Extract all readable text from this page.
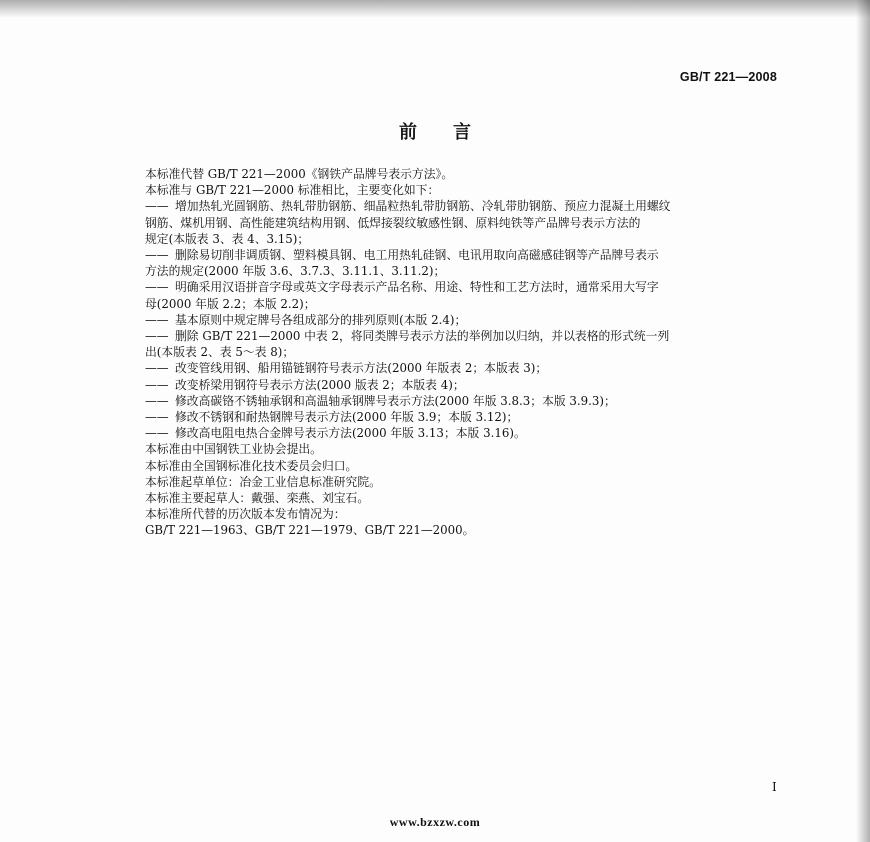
GB/T 221—2008
前言

本标准代替 GB/T 221—2000《钢铁产品牌号表示方法》。

本标准与 GB/T 221—2000 标准相比，主要变化如下：

—— 增加热轧光圆钢筋、热轧带肋钢筋、细晶粒热轧带肋钢筋、冷轧带肋钢筋、预应力混凝土用螺纹
钢筋、煤机用钢、高性能建筑结构用钢、低焊接裂纹敏感性钢、原料纯铁等产品牌号表示方法的
规定(本版表 3、表 4、3.15)；

—— 删除易切削非调质钢、塑料模具钢、电工用热轧硅钢、电讯用取向高磁感硅钢等产品牌号表示
方法的规定(2000 年版 3.6、3.7.3、3.11.1、3.11.2)；

—— 明确采用汉语拼音字母或英文字母表示产品名称、用途、特性和工艺方法时，通常采用大写字
母(2000 年版 2.2；本版 2.2)；

—— 基本原则中规定牌号各组成部分的排列原则(本版 2.4)；

—— 删除 GB/T 221—2000 中表 2，将同类牌号表示方法的举例加以归纳，并以表格的形式统一列
出(本版表 2、表 5～表 8)；

—— 改变管线用钢、船用锚链钢符号表示方法(2000 年版表 2；本版表 3)；

—— 改变桥梁用钢符号表示方法(2000 版表 2；本版表 4)；

—— 修改高碳铬不锈轴承钢和高温轴承钢牌号表示方法(2000 年版 3.8.3；本版 3.9.3)；

—— 修改不锈钢和耐热钢牌号表示方法(2000 年版 3.9；本版 3.12)；

—— 修改高电阻电热合金牌号表示方法(2000 年版 3.13；本版 3.16)。

本标准由中国钢铁工业协会提出。

本标准由全国钢标准化技术委员会归口。

本标准起草单位：冶金工业信息标准研究院。

本标准主要起草人：戴强、栾燕、刘宝石。

本标准所代替的历次版本发布情况为：

GB/T 221—1963、GB/T 221—1979、GB/T 221—2000。

I
www.bzxzw.com
